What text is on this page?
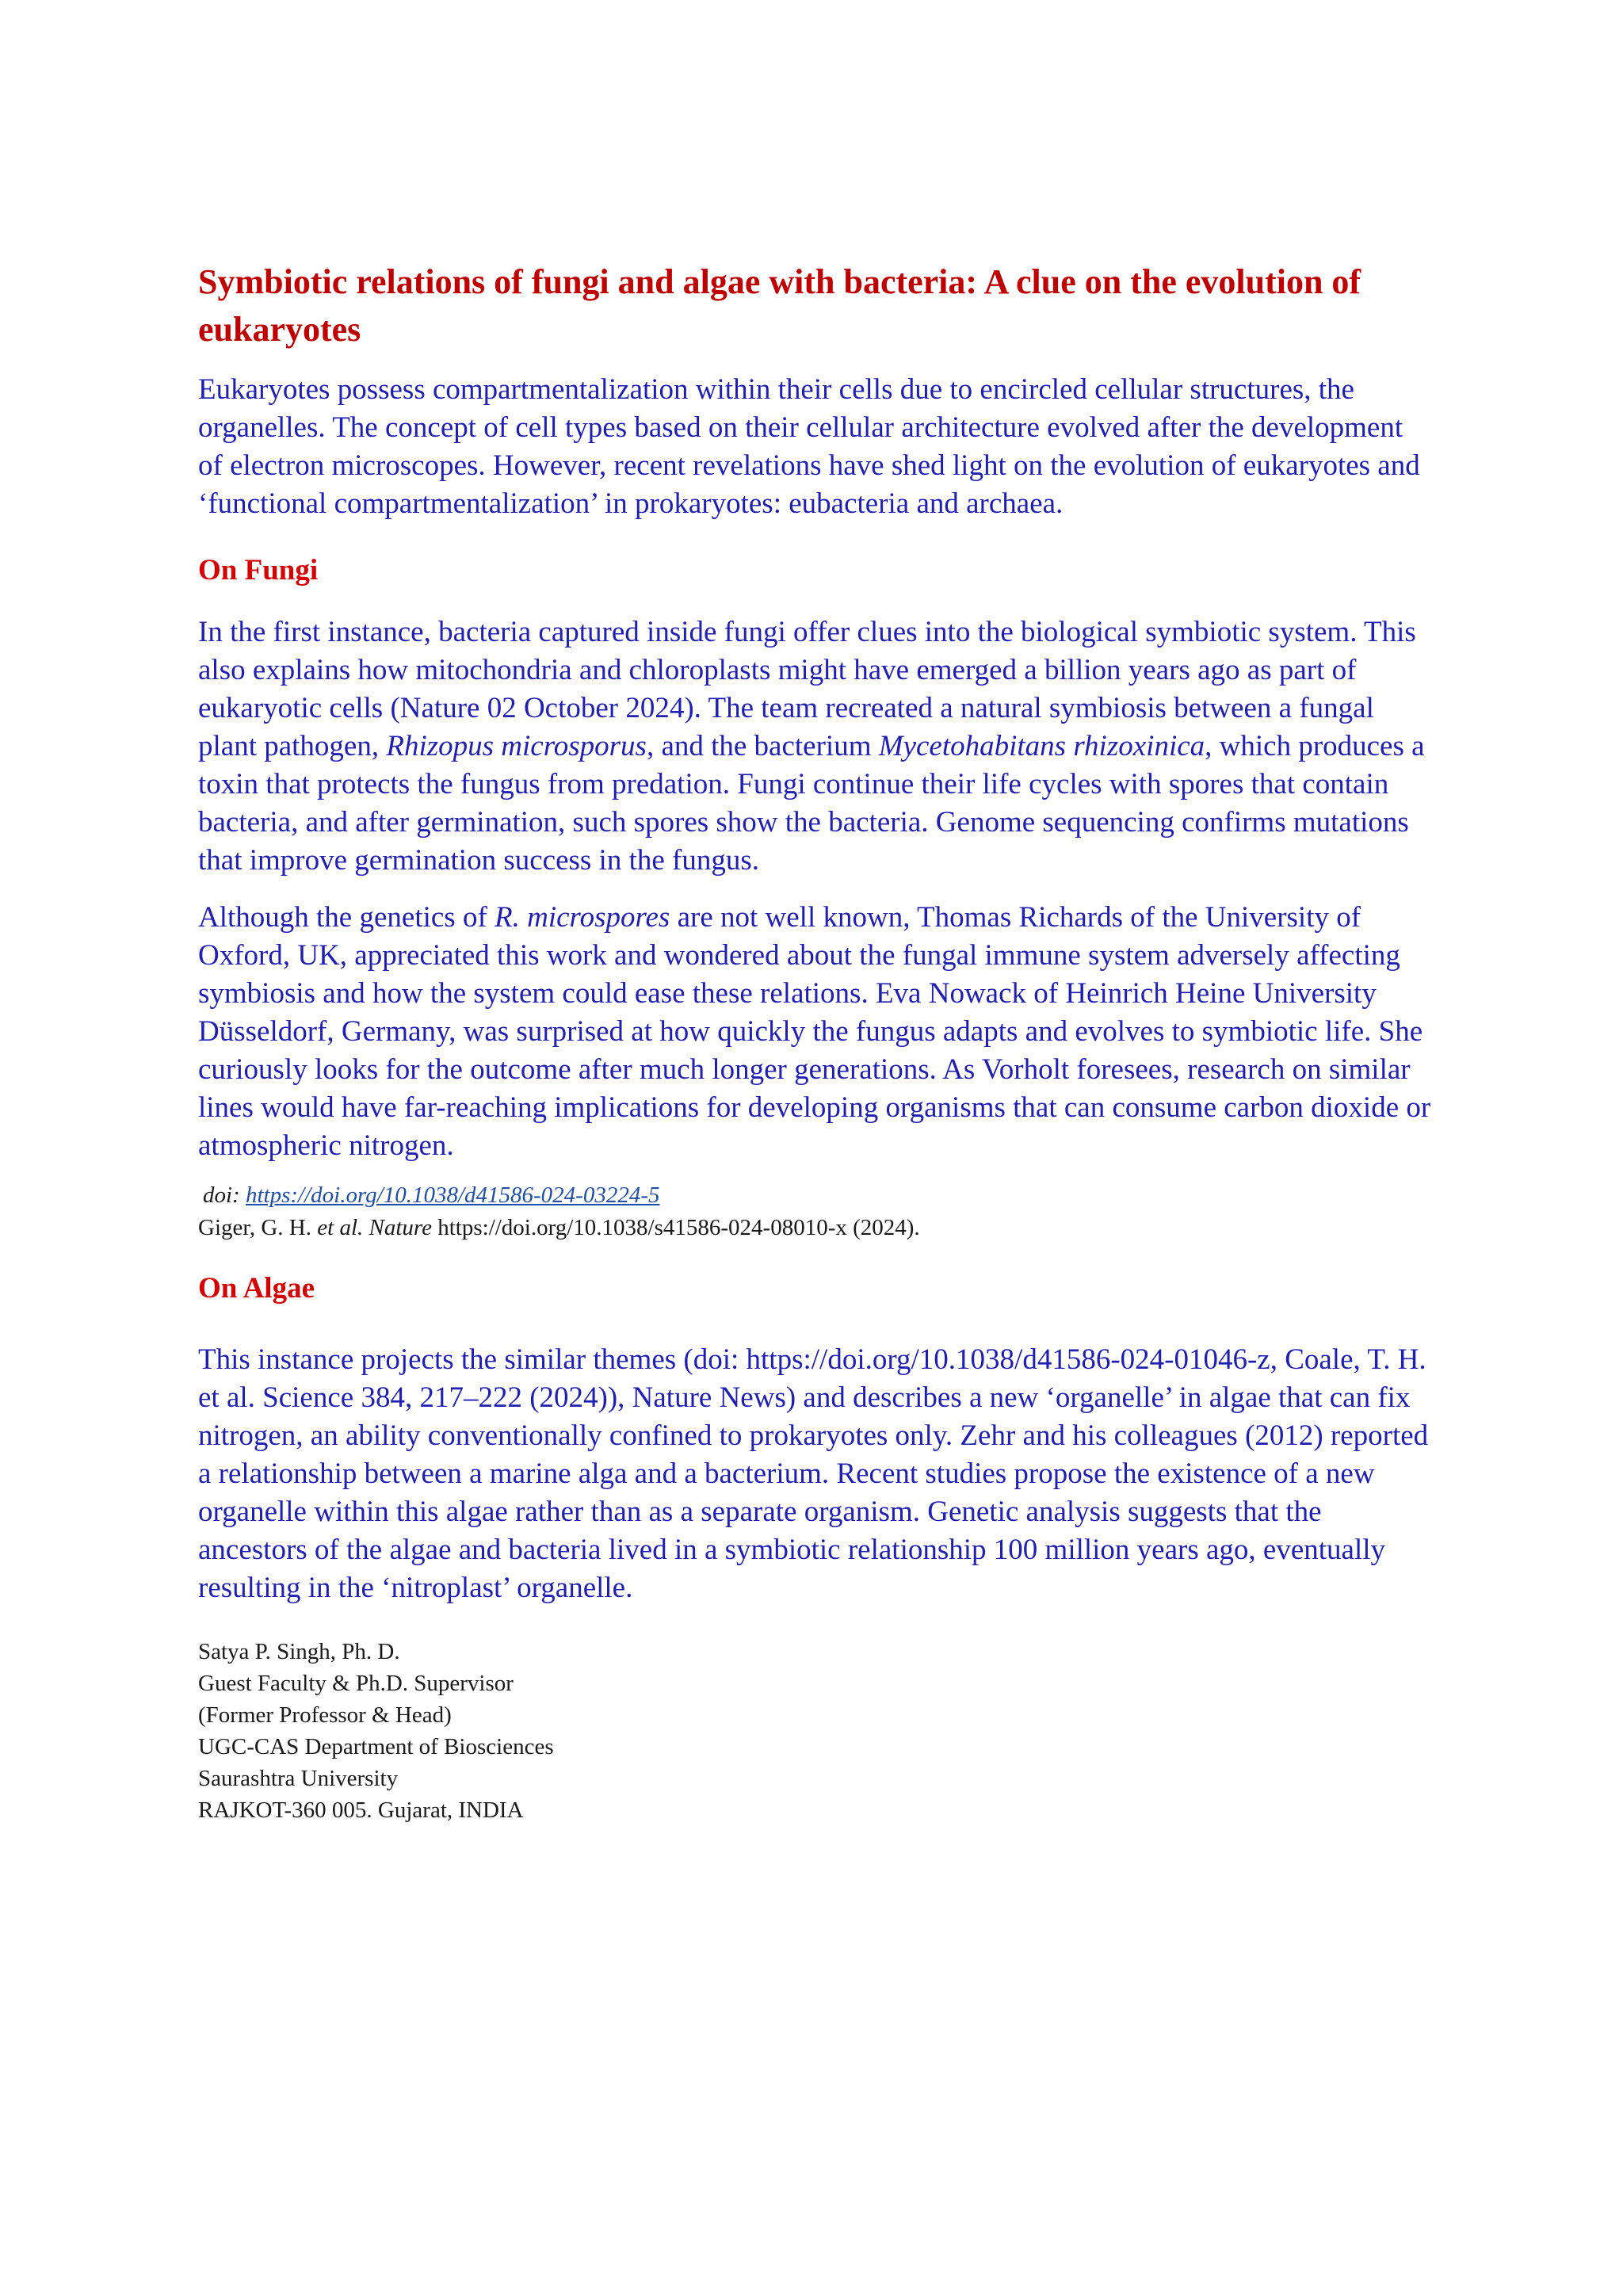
Symbiotic relations of fungi and algae with bacteria: A clue on the evolution of eukaryotes

Eukaryotes possess compartmentalization within their cells due to encircled cellular structures, the organelles. The concept of cell types based on their cellular architecture evolved after the development of electron microscopes. However, recent revelations have shed light on the evolution of eukaryotes and ‘functional compartmentalization’ in prokaryotes: eubacteria and archaea.

On Fungi

In the first instance, bacteria captured inside fungi offer clues into the biological symbiotic system. This also explains how mitochondria and chloroplasts might have emerged a billion years ago as part of eukaryotic cells (Nature 02 October 2024). The team recreated a natural symbiosis between a fungal plant pathogen, Rhizopus microsporus, and the bacterium Mycetohabitans rhizoxinica, which produces a toxin that protects the fungus from predation. Fungi continue their life cycles with spores that contain bacteria, and after germination, such spores show the bacteria. Genome sequencing confirms mutations that improve germination success in the fungus.

Although the genetics of R. microspores are not well known, Thomas Richards of the University of Oxford, UK, appreciated this work and wondered about the fungal immune system adversely affecting symbiosis and how the system could ease these relations. Eva Nowack of Heinrich Heine University Düsseldorf, Germany, was surprised at how quickly the fungus adapts and evolves to symbiotic life. She curiously looks for the outcome after much longer generations. As Vorholt foresees, research on similar lines would have far-reaching implications for developing organisms that can consume carbon dioxide or atmospheric nitrogen.

doi: https://doi.org/10.1038/d41586-024-03224-5

Giger, G. H. et al. Nature https://doi.org/10.1038/s41586-024-08010-x (2024).

On Algae

This instance projects the similar themes (doi: https://doi.org/10.1038/d41586-024-01046-z, Coale, T. H. et al. Science 384, 217–222 (2024)), Nature News) and describes a new ‘organelle’ in algae that can fix nitrogen, an ability conventionally confined to prokaryotes only. Zehr and his colleagues (2012) reported a relationship between a marine alga and a bacterium. Recent studies propose the existence of a new organelle within this algae rather than as a separate organism. Genetic analysis suggests that the ancestors of the algae and bacteria lived in a symbiotic relationship 100 million years ago, eventually resulting in the ‘nitroplast’ organelle.

Satya P. Singh, Ph. D.

Guest Faculty & Ph.D. Supervisor

(Former Professor & Head)

UGC-CAS Department of Biosciences

Saurashtra University

RAJKOT-360 005. Gujarat, INDIA
